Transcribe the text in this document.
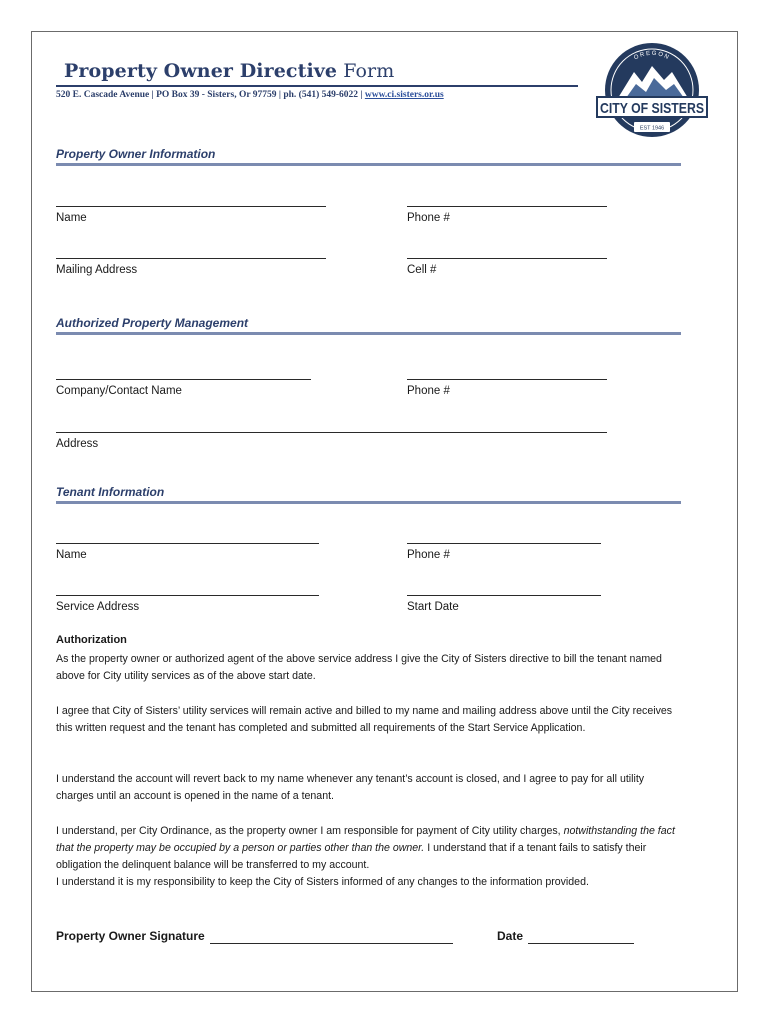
Property Owner Directive Form
520 E. Cascade Avenue | PO Box 39 - Sisters, Or 97759 | ph. (541) 549-6022 | www.ci.sisters.or.us
OREGON
CITY OF SISTERS
EST 1946
Property Owner Information
Name	Phone #
Mailing Address	Cell #
Authorized Property Management
Company/Contact Name	Phone #
Address
Tenant Information
Name	Phone #
Service Address	Start Date
Authorization
As the property owner or authorized agent of the above service address I give the City of Sisters directive to bill the tenant named above for City utility services as of the above start date.
I agree that City of Sisters’ utility services will remain active and billed to my name and mailing address above until the City receives this written request and the tenant has completed and submitted all requirements of the Start Service Application.
I understand the account will revert back to my name whenever any tenant’s account is closed, and I agree to pay for all utility charges until an account is opened in the name of a tenant.
I understand, per City Ordinance, as the property owner I am responsible for payment of City utility charges, notwithstanding the fact that the property may be occupied by a person or parties other than the owner. I understand that if a tenant fails to satisfy their obligation the delinquent balance will be transferred to my account.
I understand it is my responsibility to keep the City of Sisters informed of any changes to the information provided.
Property Owner Signature	Date
